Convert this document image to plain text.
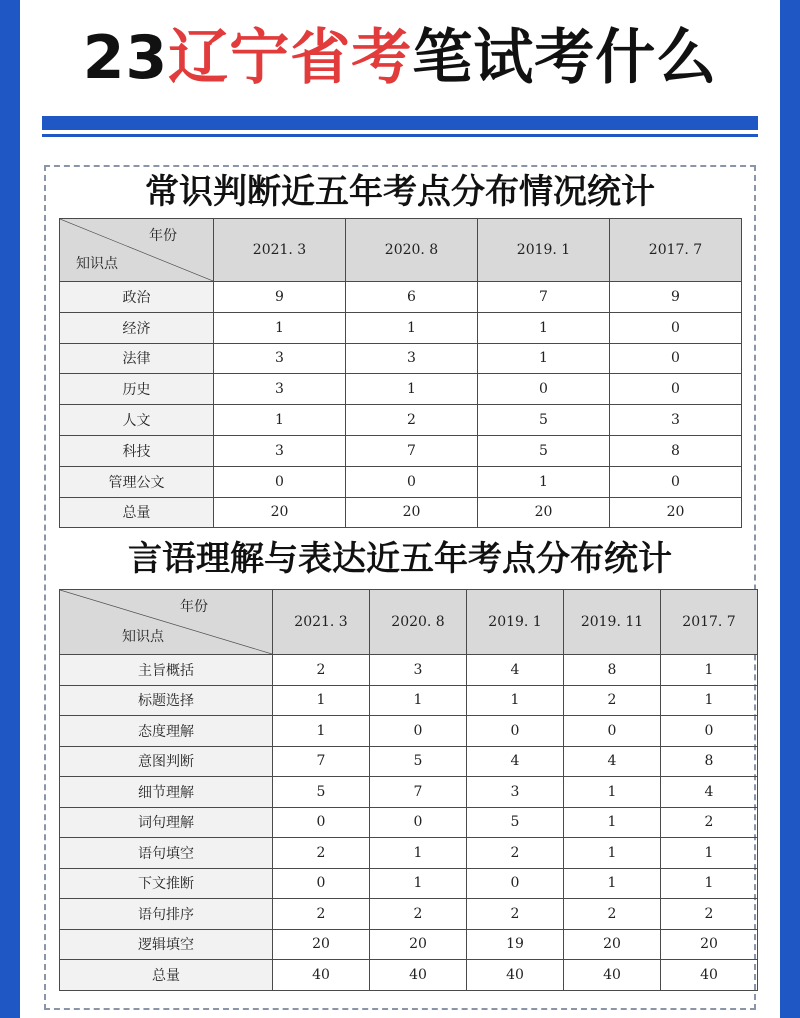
23辽宁省考笔试考什么
常识判断近五年考点分布情况统计
年份
知识点	2021. 3	2020. 8	2019. 1	2017. 7
政治	9	6	7	9
经济	1	1	1	0
法律	3	3	1	0
历史	3	1	0	0
人文	1	2	5	3
科技	3	7	5	8
管理公文	0	0	1	0
总量	20	20	20	20
言语理解与表达近五年考点分布统计
年份
知识点	2021. 3	2020. 8	2019. 1	2019. 11	2017. 7
主旨概括	2	3	4	8	1
标题选择	1	1	1	2	1
态度理解	1	0	0	0	0
意图判断	7	5	4	4	8
细节理解	5	7	3	1	4
词句理解	0	0	5	1	2
语句填空	2	1	2	1	1
下文推断	0	1	0	1	1
语句排序	2	2	2	2	2
逻辑填空	20	20	19	20	20
总量	40	40	40	40	40
